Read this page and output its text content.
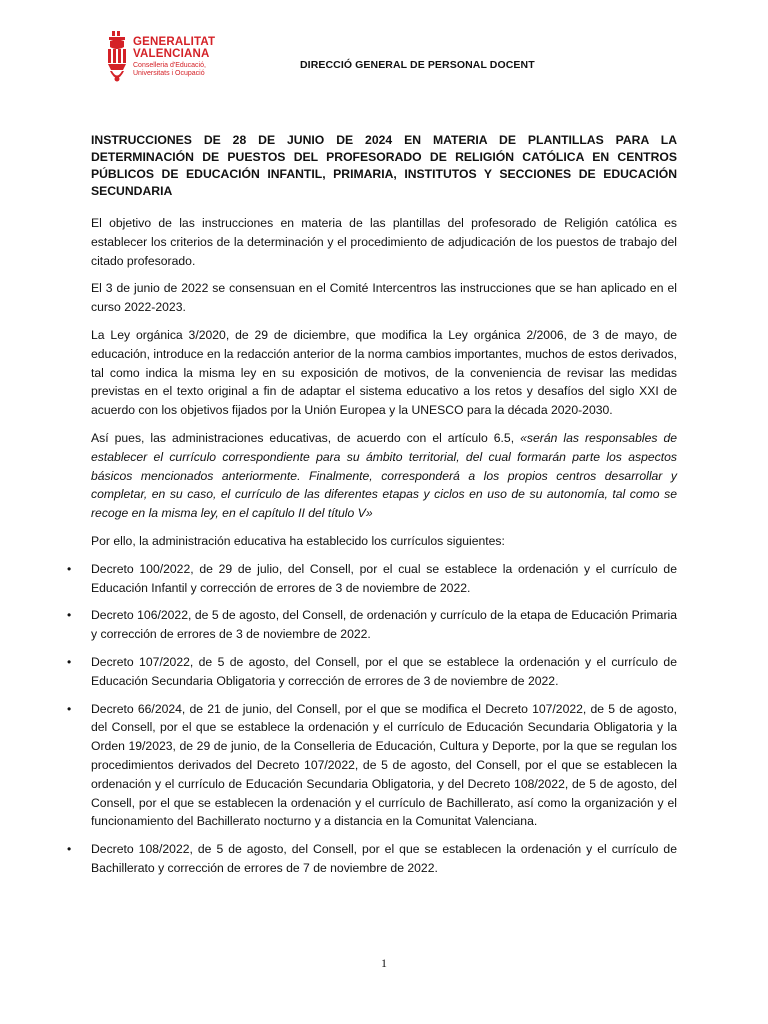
GENERALITAT
VALENCIANA
Conselleria d'Educació,
Universitats i Ocupació
DIRECCIÓ GENERAL DE PERSONAL DOCENT

INSTRUCCIONES DE 28 DE JUNIO DE 2024 EN MATERIA DE PLANTILLAS PARA LA DETERMINACIÓN DE PUESTOS DEL PROFESORADO DE RELIGIÓN CATÓLICA EN CENTROS PÚBLICOS DE EDUCACIÓN INFANTIL, PRIMARIA, INSTITUTOS Y SECCIONES DE EDUCACIÓN SECUNDARIA

El objetivo de las instrucciones en materia de las plantillas del profesorado de Religión católica es establecer los criterios de la determinación y el procedimiento de adjudicación de los puestos de trabajo del citado profesorado.

El 3 de junio de 2022 se consensuan en el Comité Intercentros las instrucciones que se han aplicado en el curso 2022-2023.

La Ley orgánica 3/2020, de 29 de diciembre, que modifica la Ley orgánica 2/2006, de 3 de mayo, de educación, introduce en la redacción anterior de la norma cambios importantes, muchos de estos derivados, tal como indica la misma ley en su exposición de motivos, de la conveniencia de revisar las medidas previstas en el texto original a fin de adaptar el sistema educativo a los retos y desafíos del siglo XXI de acuerdo con los objetivos fijados por la Unión Europea y la UNESCO para la década 2020-2030.

Así pues, las administraciones educativas, de acuerdo con el artículo 6.5, «serán las responsables de establecer el currículo correspondiente para su ámbito territorial, del cual formarán parte los aspectos básicos mencionados anteriormente. Finalmente, corresponderá a los propios centros desarrollar y completar, en su caso, el currículo de las diferentes etapas y ciclos en uso de su autonomía, tal como se recoge en la misma ley, en el capítulo II del título V»

Por ello, la administración educativa ha establecido los currículos siguientes:

• Decreto 100/2022, de 29 de julio, del Consell, por el cual se establece la ordenación y el currículo de Educación Infantil y corrección de errores de 3 de noviembre de 2022.
• Decreto 106/2022, de 5 de agosto, del Consell, de ordenación y currículo de la etapa de Educación Primaria y corrección de errores de 3 de noviembre de 2022.
• Decreto 107/2022, de 5 de agosto, del Consell, por el que se establece la ordenación y el currículo de Educación Secundaria Obligatoria y corrección de errores de 3 de noviembre de 2022.
• Decreto 66/2024, de 21 de junio, del Consell, por el que se modifica el Decreto 107/2022, de 5 de agosto, del Consell, por el que se establece la ordenación y el currículo de Educación Secundaria Obligatoria y la Orden 19/2023, de 29 de junio, de la Conselleria de Educación, Cultura y Deporte, por la que se regulan los procedimientos derivados del Decreto 107/2022, de 5 de agosto, del Consell, por el que se establecen la ordenación y el currículo de Educación Secundaria Obligatoria, y del Decreto 108/2022, de 5 de agosto, del Consell, por el que se establecen la ordenación y el currículo de Bachillerato, así como la organización y el funcionamiento del Bachillerato nocturno y a distancia en la Comunitat Valenciana.
• Decreto 108/2022, de 5 de agosto, del Consell, por el que se establecen la ordenación y el currículo de Bachillerato y corrección de errores de 7 de noviembre de 2022.
1
